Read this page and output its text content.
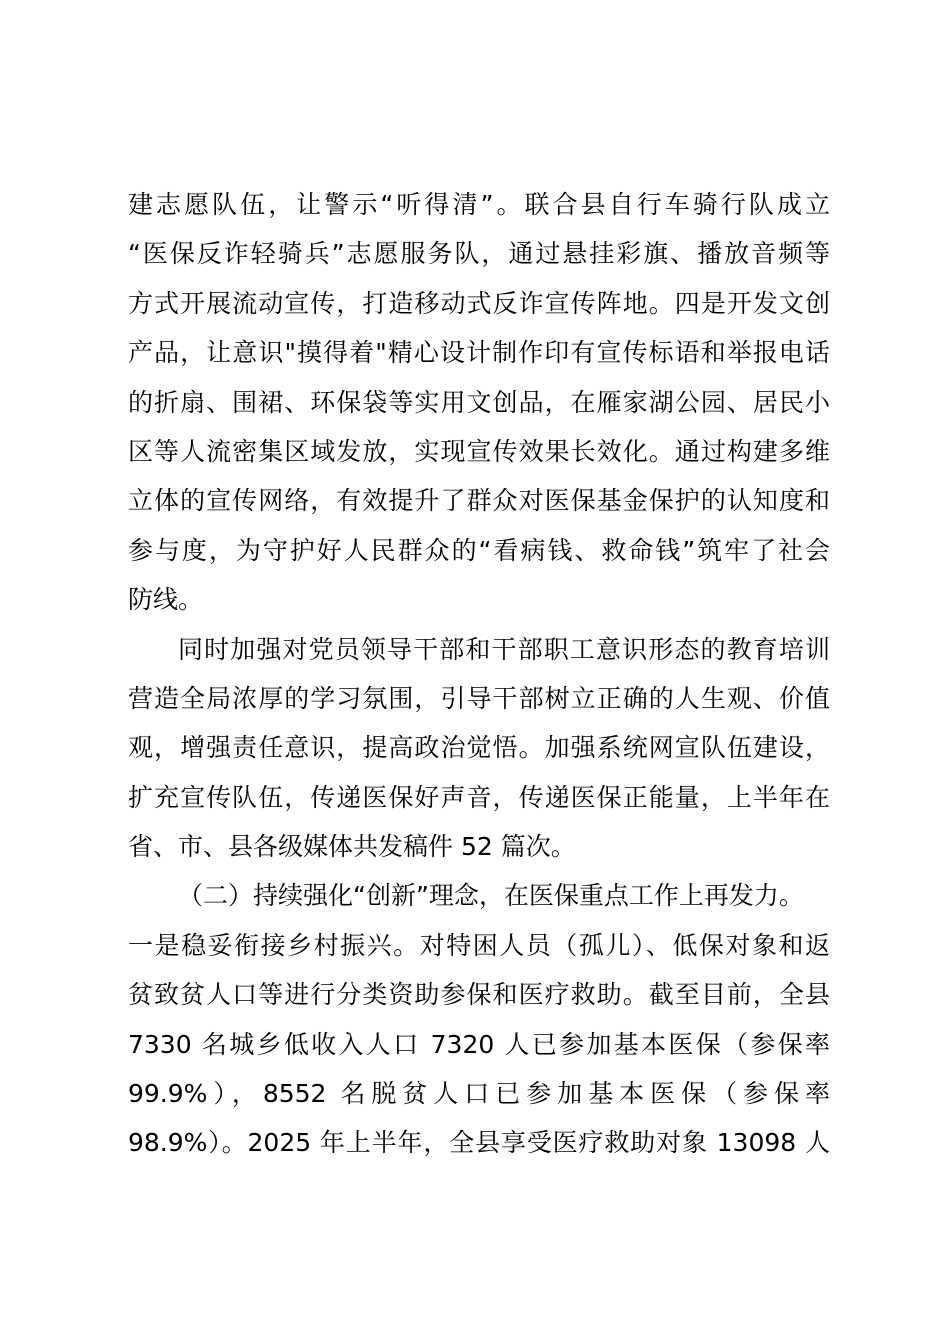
建志愿队伍，让警示“听得清”。联合县自行车骑行队成立
“医保反诈轻骑兵”志愿服务队，通过悬挂彩旗、播放音频等
方式开展流动宣传，打造移动式反诈宣传阵地。四是开发文创
产品，让意识"摸得着"精心设计制作印有宣传标语和举报电话
的折扇、围裙、环保袋等实用文创品，在雁家湖公园、居民小
区等人流密集区域发放，实现宣传效果长效化。通过构建多维
立体的宣传网络，有效提升了群众对医保基金保护的认知度和
参与度，为守护好人民群众的“看病钱、救命钱”筑牢了社会
防线。
同时加强对党员领导干部和干部职工意识形态的教育培训
营造全局浓厚的学习氛围，引导干部树立正确的人生观、价值
观，增强责任意识，提高政治觉悟。加强系统网宣队伍建设，
扩充宣传队伍，传递医保好声音，传递医保正能量，上半年在
省、市、县各级媒体共发稿件 52 篇次。
（二）持续强化“创新”理念，在医保重点工作上再发力。
一是稳妥衔接乡村振兴。对特困人员（孤儿）、低保对象和返
贫致贫人口等进行分类资助参保和医疗救助。截至目前，全县
7330 名城乡低收入人口 7320 人已参加基本医保（参保率
99.9%），8552 名脱贫人口已参加基本医保（参保率
98.9%）。2025 年上半年，全县享受医疗救助对象 13098 人
